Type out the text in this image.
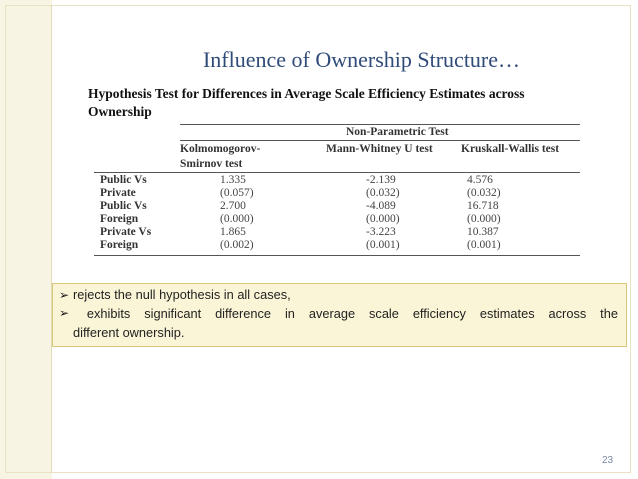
Influence of Ownership Structure…
Hypothesis Test for Differences in Average Scale Efficiency Estimates across
Ownership
Non-Parametric Test
Kolmomogorov-
Smirnov test
Mann-Whitney U test Kruskall-Wallis test
Public Vs	1.335	-2.139	4.576
Private	(0.057)	(0.032)	(0.032)
Public Vs	2.700	-4.089	16.718
Foreign	(0.000)	(0.000)	(0.000)
Private Vs	1.865	-3.223	10.387
Foreign	(0.002)	(0.001)	(0.001)
➢ rejects the null hypothesis in all cases,
➢	exhibits significant difference in average scale efficiency estimates across the
different ownership.
23
